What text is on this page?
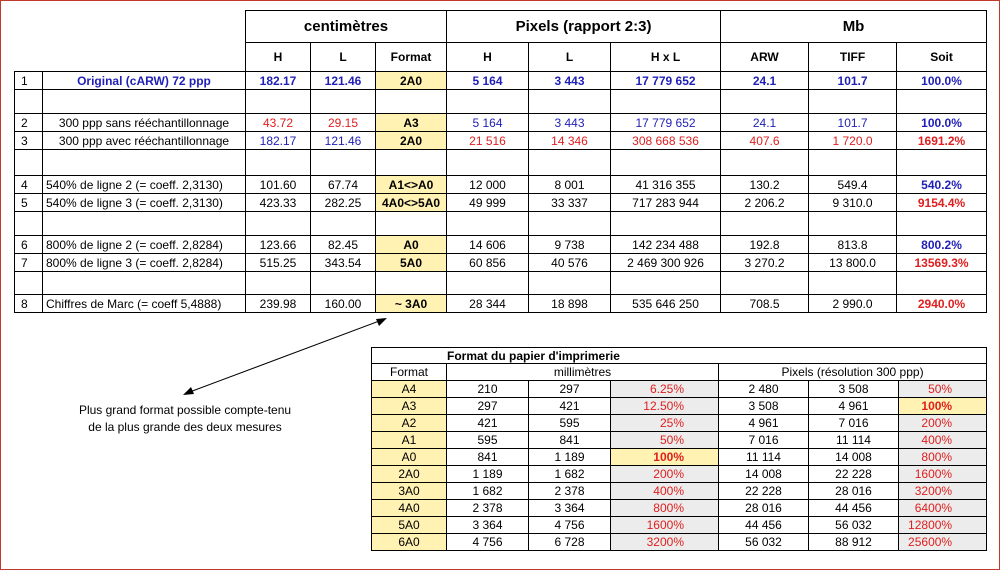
		centimètres			Pixels (rapport 2:3)			Mb		
		H	L	Format	H	L	H x L	ARW	TIFF	Soit
1	Original (cARW) 72 ppp	182.17	121.46	2A0	5 164	3 443	17 779 652	24.1	101.7	100.0%

2	300 ppp sans rééchantillonnage	43.72	29.15	A3	5 164	3 443	17 779 652	24.1	101.7	100.0%
3	300 ppp avec rééchantillonnage	182.17	121.46	2A0	21 516	14 346	308 668 536	407.6	1 720.0	1691.2%

4	540% de ligne 2 (= coeff. 2,3130)	101.60	67.74	A1<>A0	12 000	8 001	41 316 355	130.2	549.4	540.2%
5	540% de ligne 3 (= coeff. 2,3130)	423.33	282.25	4A0<>5A0	49 999	33 337	717 283 944	2 206.2	9 310.0	9154.4%

6	800% de ligne 2 (= coeff. 2,8284)	123.66	82.45	A0	14 606	9 738	142 234 488	192.8	813.8	800.2%
7	800% de ligne 3 (= coeff. 2,8284)	515.25	343.54	5A0	60 856	40 576	2 469 300 926	3 270.2	13 800.0	13569.3%

8	Chiffres de Marc (= coeff 5,4888)	239.98	160.00	~ 3A0	28 344	18 898	535 646 250	708.5	2 990.0	2940.0%
Plus grand format possible compte-tenu
de la plus grande des deux mesures
Format du papier d'imprimerie						
Format	millimètres			Pixels (résolution 300 ppp)		
A4	210	297	6.25%	2 480	3 508	50%
A3	297	421	12.50%	3 508	4 961	100%
A2	421	595	25%	4 961	7 016	200%
A1	595	841	50%	7 016	11 114	400%
A0	841	1 189	100%	11 114	14 008	800%
2A0	1 189	1 682	200%	14 008	22 228	1600%
3A0	1 682	2 378	400%	22 228	28 016	3200%
4A0	2 378	3 364	800%	28 016	44 456	6400%
5A0	3 364	4 756	1600%	44 456	56 032	12800%
6A0	4 756	6 728	3200%	56 032	88 912	25600%
